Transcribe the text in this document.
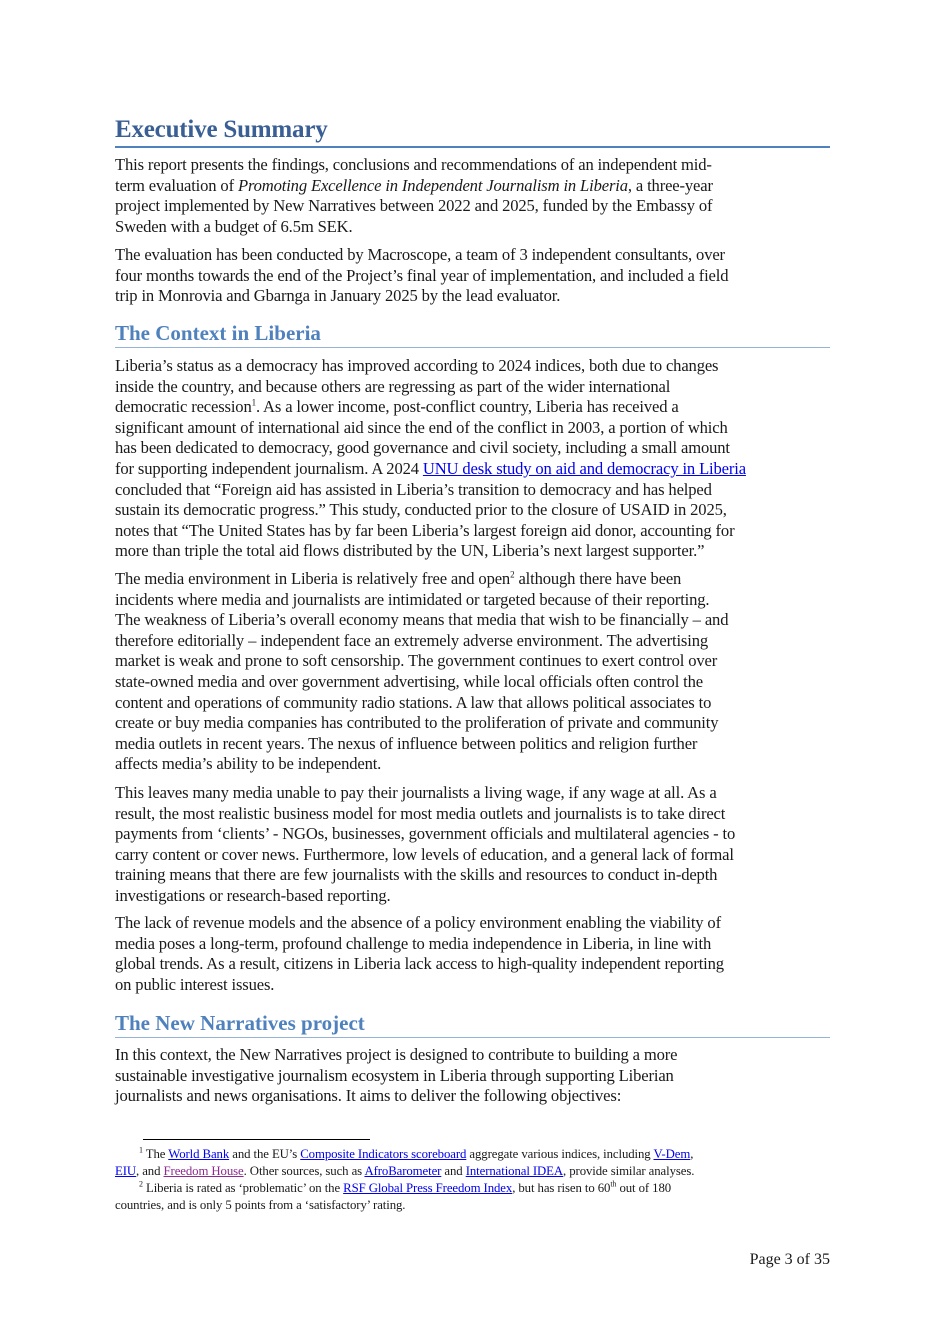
Executive Summary

This report presents the findings, conclusions and recommendations of an independent mid-
term evaluation of Promoting Excellence in Independent Journalism in Liberia, a three-year
project implemented by New Narratives between 2022 and 2025, funded by the Embassy of
Sweden with a budget of 6.5m SEK.

The evaluation has been conducted by Macroscope, a team of 3 independent consultants, over
four months towards the end of the Project’s final year of implementation, and included a field
trip in Monrovia and Gbarnga in January 2025 by the lead evaluator.

The Context in Liberia

Liberia’s status as a democracy has improved according to 2024 indices, both due to changes
inside the country, and because others are regressing as part of the wider international
democratic recession$^1$. As a lower income, post-conflict country, Liberia has received a
significant amount of international aid since the end of the conflict in 2003, a portion of which
has been dedicated to democracy, good governance and civil society, including a small amount
for supporting independent journalism. A 2024 UNU desk study on aid and democracy in Liberia
concluded that “Foreign aid has assisted in Liberia’s transition to democracy and has helped
sustain its democratic progress.” This study, conducted prior to the closure of USAID in 2025,
notes that “The United States has by far been Liberia’s largest foreign aid donor, accounting for
more than triple the total aid flows distributed by the UN, Liberia’s next largest supporter.”

The media environment in Liberia is relatively free and open$^2$ although there have been
incidents where media and journalists are intimidated or targeted because of their reporting.
The weakness of Liberia’s overall economy means that media that wish to be financially – and
therefore editorially – independent face an extremely adverse environment. The advertising
market is weak and prone to soft censorship. The government continues to exert control over
state-owned media and over government advertising, while local officials often control the
content and operations of community radio stations. A law that allows political associates to
create or buy media companies has contributed to the proliferation of private and community
media outlets in recent years. The nexus of influence between politics and religion further
affects media’s ability to be independent.

This leaves many media unable to pay their journalists a living wage, if any wage at all. As a
result, the most realistic business model for most media outlets and journalists is to take direct
payments from ‘clients’ - NGOs, businesses, government officials and multilateral agencies - to
carry content or cover news. Furthermore, low levels of education, and a general lack of formal
training means that there are few journalists with the skills and resources to conduct in-depth
investigations or research-based reporting.

The lack of revenue models and the absence of a policy environment enabling the viability of
media poses a long-term, profound challenge to media independence in Liberia, in line with
global trends. As a result, citizens in Liberia lack access to high-quality independent reporting
on public interest issues.

The New Narratives project

In this context, the New Narratives project is designed to contribute to building a more
sustainable investigative journalism ecosystem in Liberia through supporting Liberian
journalists and news organisations. It aims to deliver the following objectives:

$^1$ The World Bank and the EU’s Composite Indicators scoreboard aggregate various indices, including V-Dem,
EIU, and Freedom House. Other sources, such as AfroBarometer and International IDEA, provide similar analyses.
$^2$ Liberia is rated as ‘problematic’ on the RSF Global Press Freedom Index, but has risen to 60th out of 180
countries, and is only 5 points from a ‘satisfactory’ rating.
Page 3 of 35
